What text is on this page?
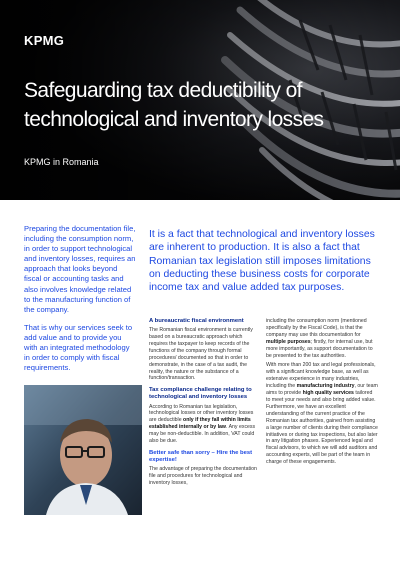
KPMG
Safeguarding tax deductibility of technological and inventory losses
KPMG in Romania

Preparing the documentation file, including the consumption norm, in order to support technological and inventory losses, requires an approach that looks beyond fiscal or accounting tasks and also involves knowledge related to the manufacturing function of the company.

That is why our services seek to add value and to provide you with an integrated methodology in order to comply with fiscal requirements.

It is a fact that technological and inventory losses are inherent to production. It is also a fact that Romanian tax legislation still imposes limitations on deducting these business costs for corporate income tax and value added tax purposes.

A bureaucratic fiscal environment

The Romanian fiscal environment is currently based on a bureaucratic approach which requires the taxpayer to keep records of the functions of the company through formal procedures/ documented so that in order to demonstrate, in the case of a tax audit, the reality, the nature or the substance of a function/transaction.

Tax compliance challenge relating to technological and inventory losses

According to Romanian tax legislation, technological losses or other inventory losses are deductible only if they fall within limits established internally or by law. Any excess may be non-deductible. In addition, VAT could also be due.

Better safe than sorry – Hire the best expertise!

The advantage of preparing the documentation file and procedures for technological and inventory losses,

including the consumption norm (mentioned specifically by the Fiscal Code), is that the company may use this documentation for multiple purposes; firstly, for internal use, but more importantly, as support documentation to be presented to the tax authorities.

With more than 200 tax and legal professionals, with a significant knowledge base, as well as extensive experience in many industries, including the manufacturing industry, our team aims to provide high quality services tailored to meet your needs and also bring added value. Furthermore, we have an excellent understanding of the current practice of the Romanian tax authorities, gained from assisting a large number of clients during their compliance initiatives or during tax inspections, but also later in any litigation phases. Experienced legal and fiscal advisors, to which we will add auditors and accounting experts, will be part of the team in charge of these engagements.
